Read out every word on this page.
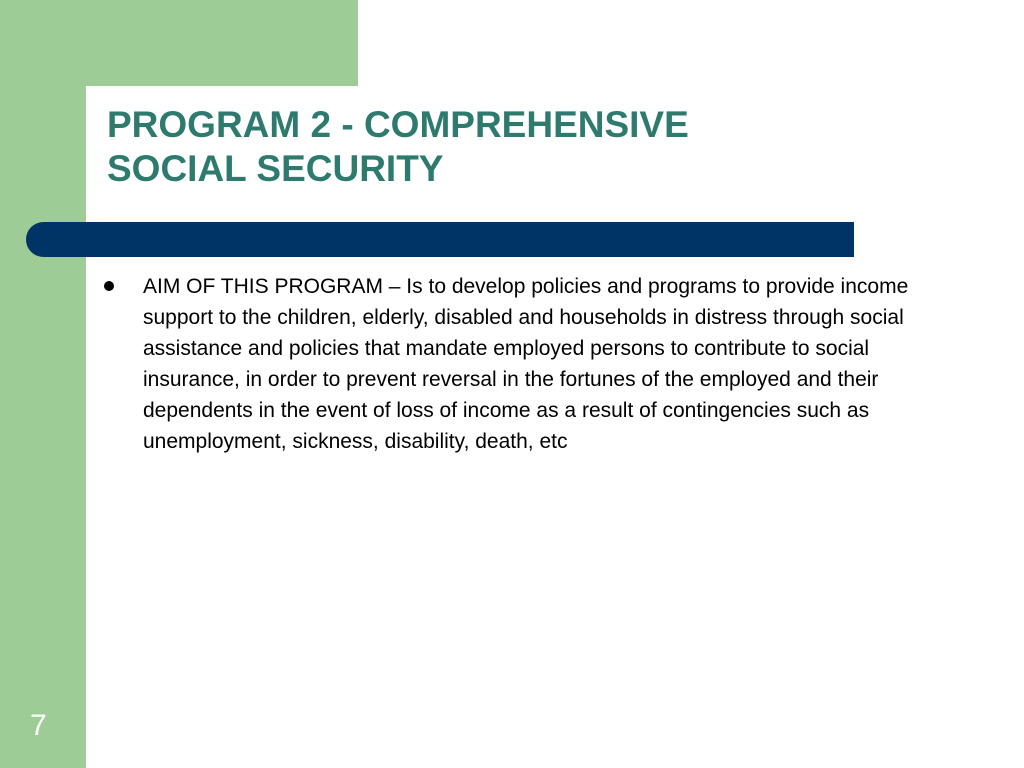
PROGRAM 2 - COMPREHENSIVE
SOCIAL SECURITY
AIM OF THIS PROGRAM – Is to develop policies and programs to provide income support to the children, elderly, disabled and households in distress through social assistance and policies that mandate employed persons to contribute to social insurance, in order to prevent reversal in the fortunes of the employed and their dependents in the event of loss of income as a result of contingencies such as unemployment, sickness, disability, death, etc
7
